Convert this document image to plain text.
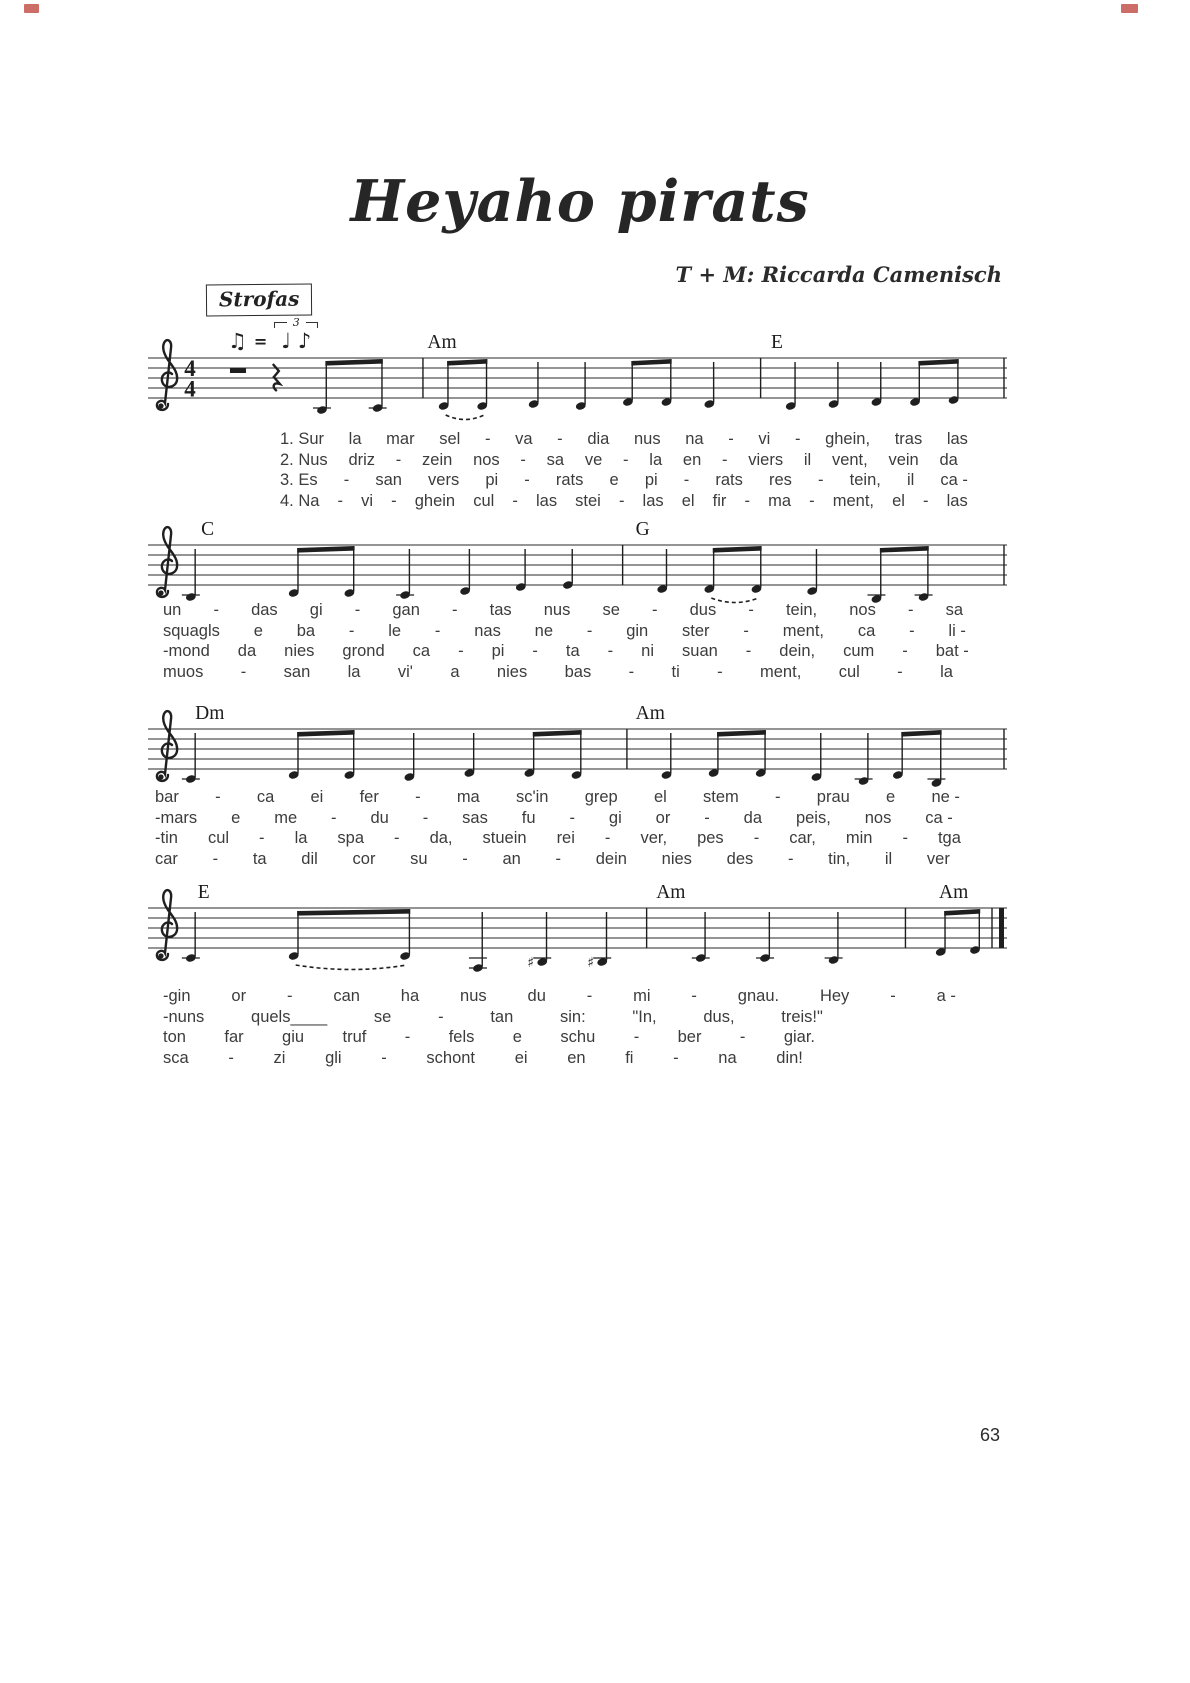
Heyaho pirats
T + M: Riccarda Camenisch
Strofas
♫ =
3
♩ ♪	Am	E
4
4
1. Sur la mar sel - va - dia nus na - vi - ghein, tras las
2. Nus driz - zein nos - sa ve - la en - viers il vent, vein da
3. Es - san vers pi - rats e pi - rats res - tein, il ca -
4. Na - vi - ghein cul - las stei - las el fir - ma - ment, el - las
C	G
un - das gi - gan - tas nus se - dus - tein, nos - sa
squagls e ba - le - nas ne - gin ster - ment, ca - li -
-mond da nies grond ca - pi - ta - ni suan - dein, cum - bat -
muos - san la vi' a nies bas - ti - ment, cul - la
Dm	Am
bar - ca ei fer - ma sc'in grep el stem - prau e ne -
-mars e me - du - sas fu - gi or - da peis, nos ca -
-tin cul - la spa - da, stuein rei - ver, pes - car, min - tga
car - ta dil cor su - an - dein nies des - tin, il ver
E	Am	Am
♯	♯
-gin or - can ha nus du - mi - gnau. Hey - a -
-nuns	quels____	se	-	tan	sin:	"In,	dus,	treis!"
ton far giu truf - fels e schu - ber - giar.
sca - zi gli - schont ei en fi - na din!
63
